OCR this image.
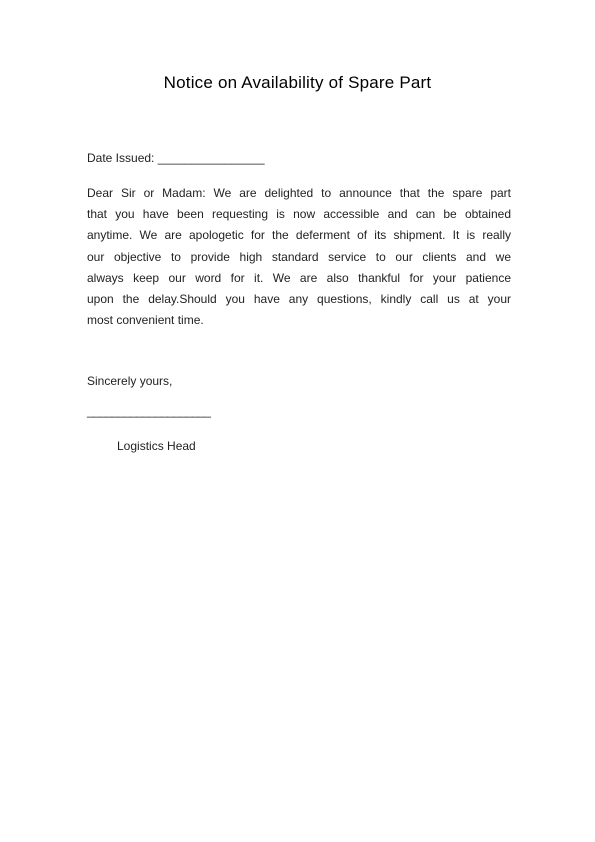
Notice on Availability of Spare Part
Date Issued: ________________
Dear Sir or Madam: We are delighted to announce that the spare part
that you have been requesting is now accessible and can be obtained
anytime. We are apologetic for the deferment of its shipment. It is really
our objective to provide high standard service to our clients and we
always keep our word for it. We are also thankful for your patience
upon the delay.Should you have any questions, kindly call us at your
most convenient time.
Sincerely yours,
____________________
Logistics Head
